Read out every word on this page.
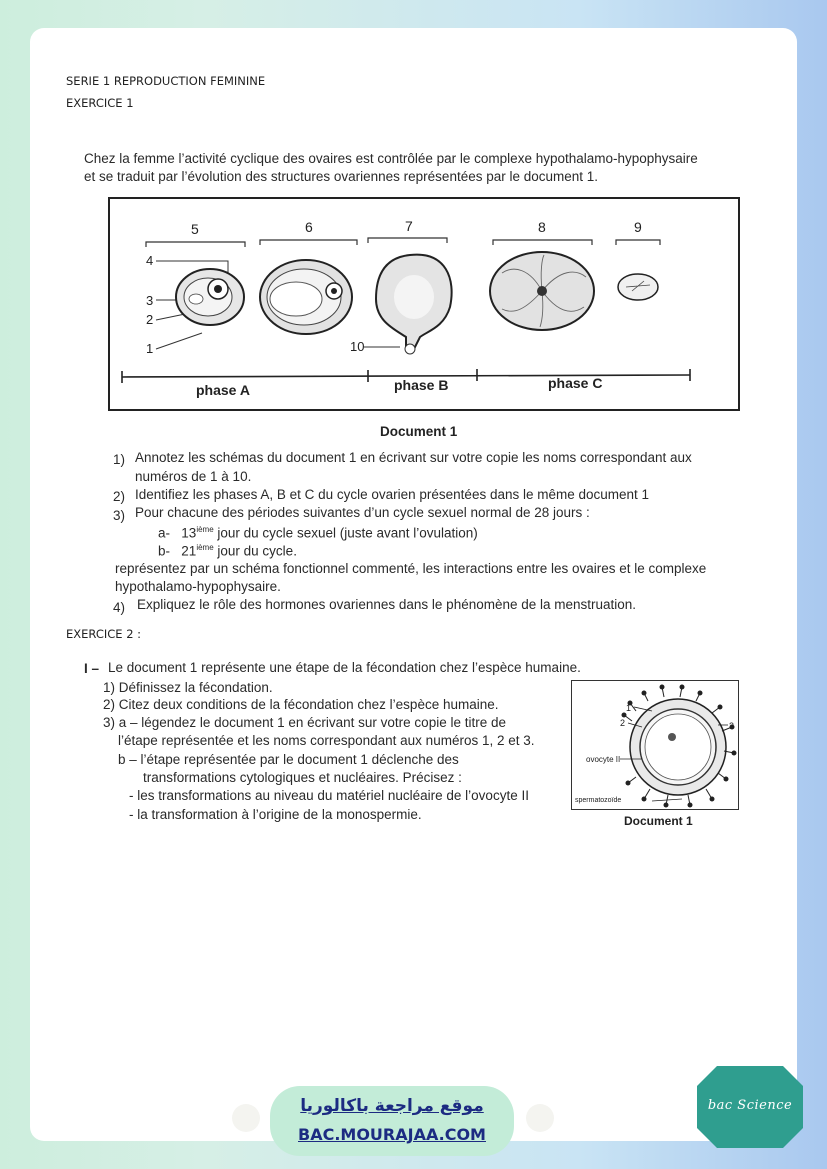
SERIE 1 REPRODUCTION FEMININE
EXERCICE 1
Chez la femme l’activité cyclique des ovaires est contrôlée par le complexe hypothalamo-hypophysaire
et se traduit par l’évolution des structures ovariennes représentées par le document 1.
5	6	7	8	9
4
3
2
1	10
phase A	phase B	phase C
Document 1
1) Annotez les schémas du document 1 en écrivant sur votre copie les noms correspondant aux
numéros de 1 à 10.
2) Identifiez les phases A, B et C du cycle ovarien présentées dans le même document 1
3) Pour chacune des périodes suivantes d’un cycle sexuel normal de 28 jours :
a- 13ième jour du cycle sexuel (juste avant l’ovulation)
b- 21ième jour du cycle.
représentez par un schéma fonctionnel commenté, les interactions entre les ovaires et le complexe
hypothalamo-hypophysaire.
4) Expliquez le rôle des hormones ovariennes dans le phénomène de la menstruation.
EXERCICE 2 :
I – Le document 1 représente une étape de la fécondation chez l’espèce humaine.
1) Définissez la fécondation.
2) Citez deux conditions de la fécondation chez l’espèce humaine.
3) a – légendez le document 1 en écrivant sur votre copie le titre de
l’étape représentée et les noms correspondant aux numéros 1, 2 et 3.
b – l’étape représentée par le document 1 déclenche des
transformations cytologiques et nucléaires. Précisez :
- les transformations au niveau du matériel nucléaire de l’ovocyte II
- la transformation à l’origine de la monospermie.
1
2	3
ovocyte II
spermatozoïde
Document 1
موقع مراجعة باكالوريا
BAC.MOURAJAA.COM
bac Science
